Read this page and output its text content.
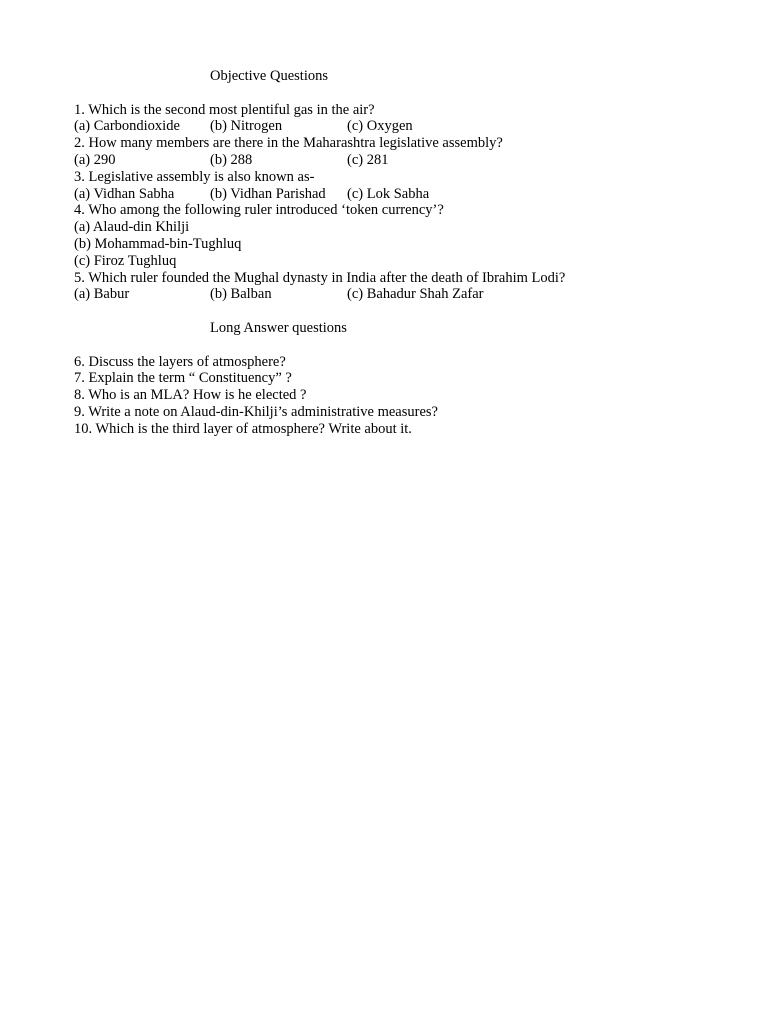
Objective Questions
1. Which is the second most plentiful gas in the air?
(a) Carbondioxide	(b) Nitrogen	(c) Oxygen
2. How many members are there in the Maharashtra legislative assembly?
(a) 290	(b) 288	(c) 281
3. Legislative assembly is also known as-
(a) Vidhan Sabha	(b) Vidhan Parishad	(c) Lok Sabha
4. Who among the following ruler introduced ‘token currency’?
(a) Alaud-din Khilji
(b) Mohammad-bin-Tughluq
(c) Firoz Tughluq
5. Which ruler founded the Mughal dynasty in India after the death of Ibrahim Lodi?
(a) Babur	(b) Balban	(c) Bahadur Shah Zafar
Long Answer questions
6. Discuss the layers of atmosphere?
7. Explain the term “ Constituency” ?
8. Who is an MLA? How is he elected ?
9. Write a note on Alaud-din-Khilji’s administrative measures?
10. Which is the third layer of atmosphere? Write about it.
